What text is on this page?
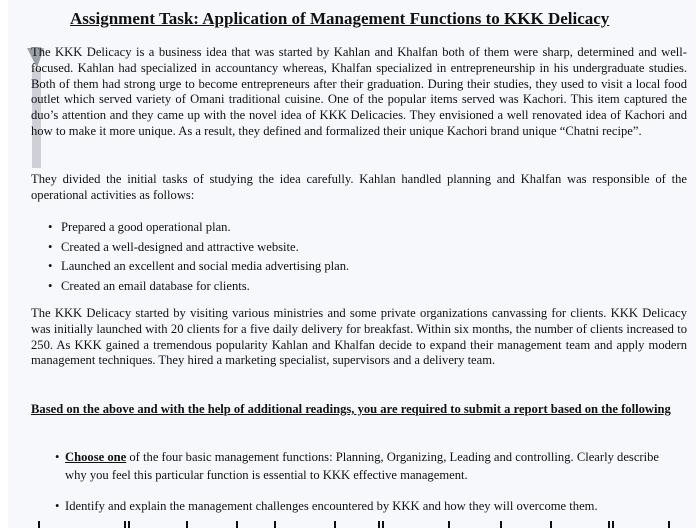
Assignment Task: Application of Management Functions to KKK Delicacy
The KKK Delicacy is a business idea that was started by Kahlan and Khalfan both of them were sharp, determined and well-focused. Kahlan had specialized in accountancy whereas, Khalfan specialized in entrepreneurship in his undergraduate studies. Both of them had strong urge to become entrepreneurs after their graduation. During their studies, they used to visit a local food outlet which served variety of Omani traditional cuisine. One of the popular items served was Kachori. This item captured the duo’s attention and they came up with the novel idea of KKK Delicacies. They envisioned a well renovated idea of Kachori and how to make it more unique. As a result, they defined and formalized their unique Kachori brand unique “Chatni recipe”.
They divided the initial tasks of studying the idea carefully. Kahlan handled planning and Khalfan was responsible of the operational activities as follows:
• Prepared a good operational plan.
• Created a well-designed and attractive website.
• Launched an excellent and social media advertising plan.
• Created an email database for clients.
The KKK Delicacy started by visiting various ministries and some private organizations canvassing for clients. KKK Delicacy was initially launched with 20 clients for a five daily delivery for breakfast. Within six months, the number of clients increased to 250. As KKK gained a tremendous popularity Kahlan and Khalfan decide to expand their management team and apply modern management techniques. They hired a marketing specialist, supervisors and a delivery team.
Based on the above and with the help of additional readings, you are required to submit a report based on the following
• Choose one of the four basic management functions: Planning, Organizing, Leading and controlling. Clearly describe why you feel this particular function is essential to KKK effective management.
• Identify and explain the management challenges encountered by KKK and how they will overcome them.
